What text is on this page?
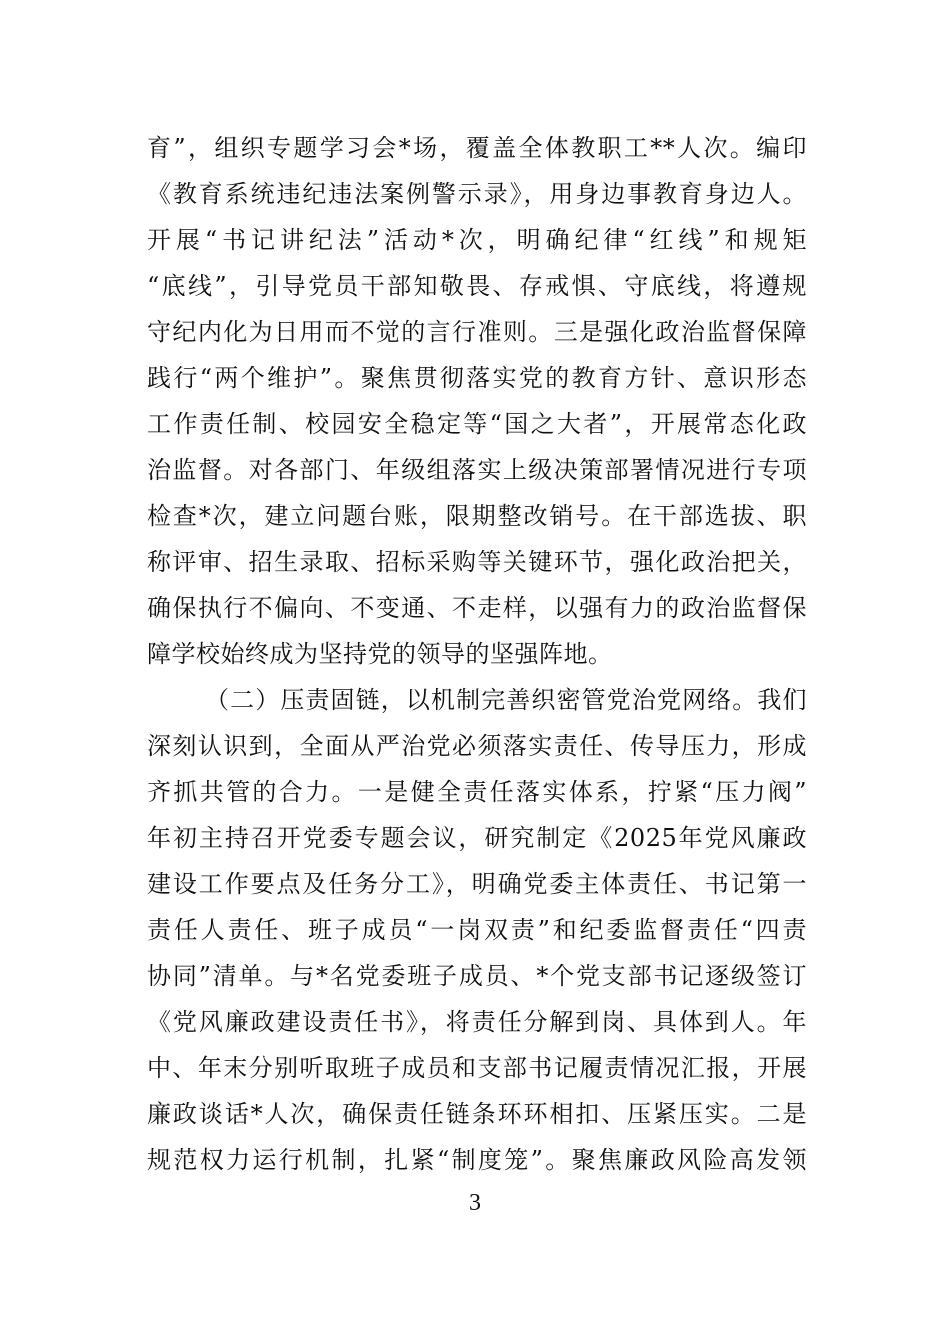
育”，组织专题学习会*场，覆盖全体教职工**人次。编印
《教育系统违纪违法案例警示录》，用身边事教育身边人。
开展“书记讲纪法”活动*次，明确纪律“红线”和规矩
“底线”，引导党员干部知敬畏、存戒惧、守底线，将遵规
守纪内化为日用而不觉的言行准则。三是强化政治监督保障
践行“两个维护”。聚焦贯彻落实党的教育方针、意识形态
工作责任制、校园安全稳定等“国之大者”，开展常态化政
治监督。对各部门、年级组落实上级决策部署情况进行专项
检查*次，建立问题台账，限期整改销号。在干部选拔、职
称评审、招生录取、招标采购等关键环节，强化政治把关，
确保执行不偏向、不变通、不走样，以强有力的政治监督保
障学校始终成为坚持党的领导的坚强阵地。
（二）压责固链，以机制完善织密管党治党网络。我们
深刻认识到，全面从严治党必须落实责任、传导压力，形成
齐抓共管的合力。一是健全责任落实体系，拧紧“压力阀”
年初主持召开党委专题会议，研究制定《2025年党风廉政
建设工作要点及任务分工》，明确党委主体责任、书记第一
责任人责任、班子成员“一岗双责”和纪委监督责任“四责
协同”清单。与*名党委班子成员、*个党支部书记逐级签订
《党风廉政建设责任书》，将责任分解到岗、具体到人。年
中、年末分别听取班子成员和支部书记履责情况汇报，开展
廉政谈话*人次，确保责任链条环环相扣、压紧压实。二是
规范权力运行机制，扎紧“制度笼”。聚焦廉政风险高发领
3
